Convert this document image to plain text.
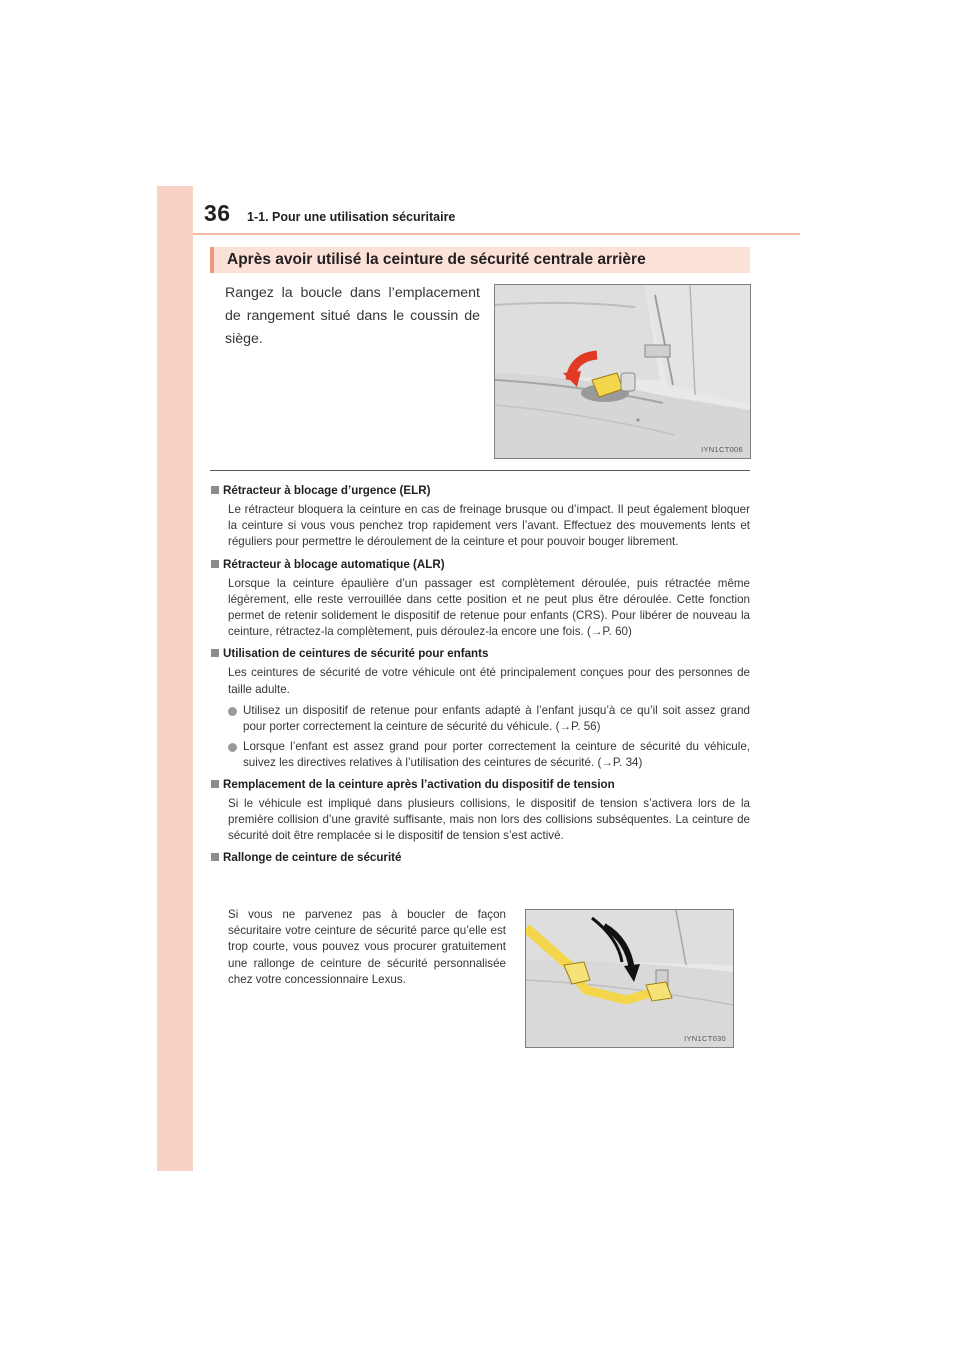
36 1-1. Pour une utilisation sécuritaire
Après avoir utilisé la ceinture de sécurité centrale arrière
Rangez la boucle dans l’emplacement de rangement situé dans le coussin de siège.
IYN1CT006

Rétracteur à blocage d’urgence (ELR)

Le rétracteur bloquera la ceinture en cas de freinage brusque ou d’impact. Il peut également bloquer la ceinture si vous vous penchez trop rapidement vers l’avant. Effectuez des mouvements lents et réguliers pour permettre le déroulement de la ceinture et pour pouvoir bouger librement.

Rétracteur à blocage automatique (ALR)

Lorsque la ceinture épaulière d’un passager est complètement déroulée, puis rétractée même légèrement, elle reste verrouillée dans cette position et ne peut plus être déroulée. Cette fonction permet de retenir solidement le dispositif de retenue pour enfants (CRS). Pour libérer de nouveau la ceinture, rétractez-la complètement, puis déroulez-la encore une fois. (→P. 60)

Utilisation de ceintures de sécurité pour enfants

Les ceintures de sécurité de votre véhicule ont été principalement conçues pour des personnes de taille adulte.

Utilisez un dispositif de retenue pour enfants adapté à l’enfant jusqu’à ce qu’il soit assez grand pour porter correctement la ceinture de sécurité du véhicule. (→P. 56)
Lorsque l’enfant est assez grand pour porter correctement la ceinture de sécurité du véhicule, suivez les directives relatives à l’utilisation des ceintures de sécurité. (→P. 34)

Remplacement de la ceinture après l’activation du dispositif de tension

Si le véhicule est impliqué dans plusieurs collisions, le dispositif de tension s’activera lors de la première collision d’une gravité suffisante, mais non lors des collisions subséquentes. La ceinture de sécurité doit être remplacée si le dispositif de tension s’est activé.

Rallonge de ceinture de sécurité

Si vous ne parvenez pas à boucler de façon sécuritaire votre ceinture de sécurité parce qu’elle est trop courte, vous pouvez vous procurer gratuitement une rallonge de ceinture de sécurité personnalisée chez votre concessionnaire Lexus.
IYN1CT030
